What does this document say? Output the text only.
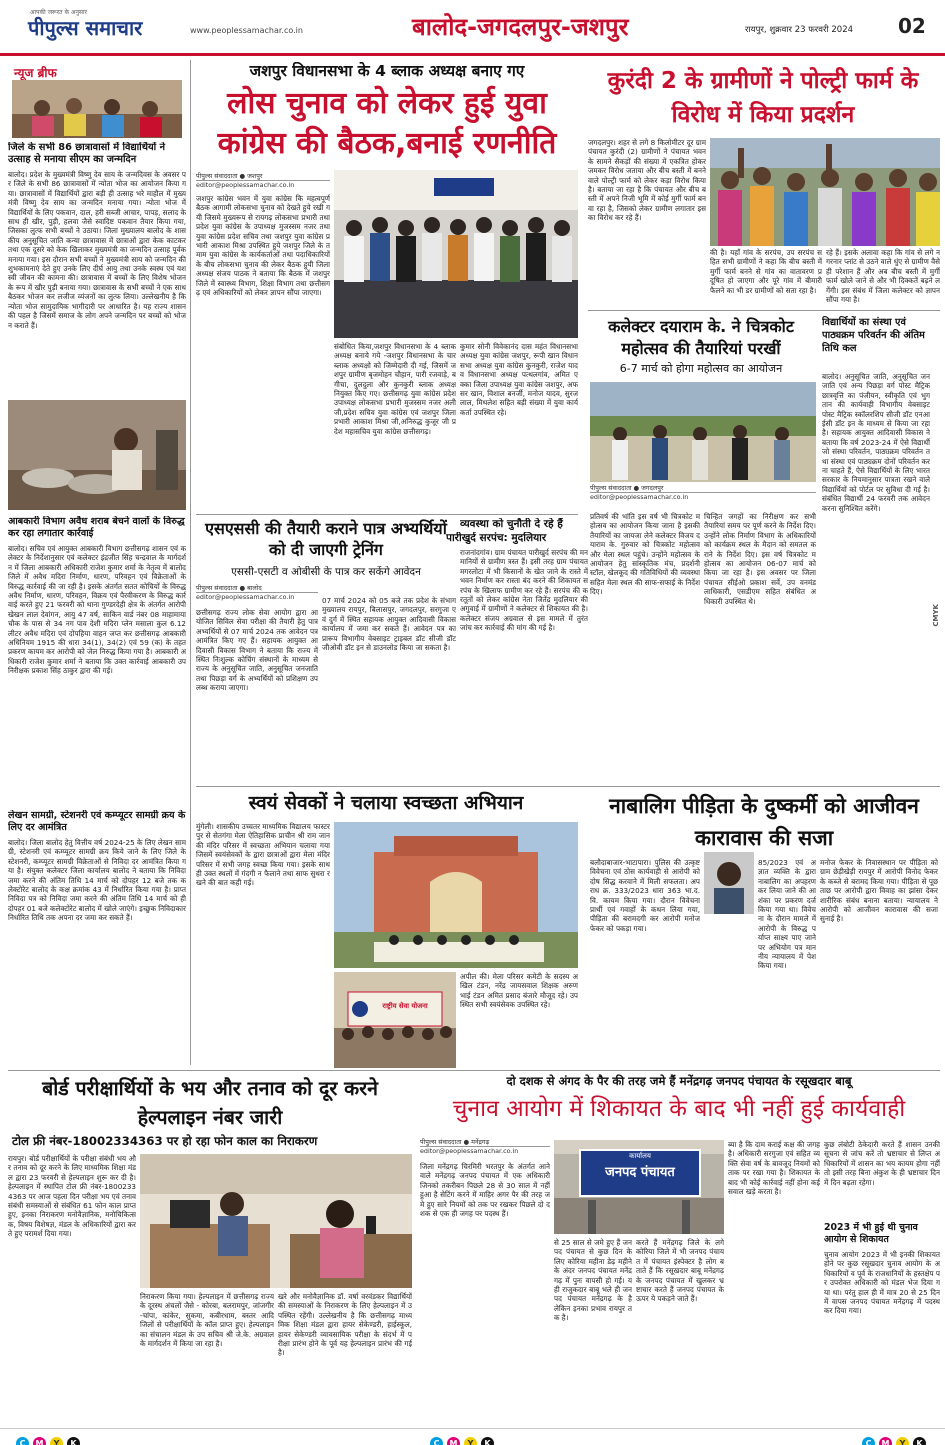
आपकी जरूरत के अनुसार
पीपुल्स समाचार	www.peoplessamachar.co.in	बालोद-जगदलपुर-जशपुर	रायपुर, शुक्रवार 23 फरवरी 2024 02
न्यूज ब्रीफ
जिले के सभी 86 छात्रावासों में विद्यार्थियों ने उत्साह से मनाया सीएम का जन्मदिन
बालोद। प्रदेश के मुख्यमंत्री विष्णु देव साय के जन्मदिवस के अवसर पर जिले के सभी 86 छात्रावासों में न्योता भोज का आयोजन किया गया। छात्रावासों में विद्यार्थियों द्वारा बड़ी ही उत्साह भरे माहौल में मुख्यमंत्री विष्णु देव साय का जन्मदिन मनाया गया। न्योता भोज में विद्यार्थियों के लिए पकवान, दाल, हरी सब्जी आचार, पापड़, सलाद के साथ ही खीर, पुड़ी, हलवा जैसे स्वादिष्ट पकवान तैयार किया गया, जिसका लुत्फ सभी बच्चों ने उठाया। जिला मुख्यालय बालोद के शासकीय अनुसूचित जाति कन्या छात्रावास में छात्राओं द्वारा केक काटकर तथा एक दूसरे को केक खिलाकर मुख्यमंत्री का जन्मदिन उत्साह पूर्वक मनाया गया। इस दौरान सभी बच्चों ने मुख्यमंत्री साय को जन्मदिन की शुभकामनाएं देते हुए उनके लिए दीर्घ आयु तथा उनके स्वस्थ एवं यशस्वी जीवन की कामना की। छात्रावास में बच्चों के लिए विशेष भोजन के रूप में खीर पुड़ी बनाया गया। छात्रावास के सभी बच्चों ने एक साथ बैठकर भोजन कर लजीज व्यंजनों का लुत्फ लिया। उल्लेखनीय है कि न्योता भोज सामुदायिक भागीदारी पर आधारित है। यह राज्य शासन की पहल है जिसमें समाज के लोग अपने जन्मदिन पर बच्चों को भोजन कराते हैं।
आबकारी विभाग अवैध शराब बेचने वालों के विरुद्ध कर रहा लगातार कार्रवाई
बालोद। सचिव एवं आयुक्त आबकारी विभाग छत्तीसगढ़ शासन एवं कलेक्टर के निर्देशानुसार एवं कलेक्टर इंद्रजीत सिंह चन्द्रवाल के मार्गदर्शन में जिला आबकारी अधिकारी राजेश कुमार शर्मा के नेतृत्व में बालोद जिले में अवैध मदिरा निर्माण, धारण, परिवहन एवं विक्रेताओं के विरुद्ध कार्रवाई की जा रही है। इसके अंतर्गत सतत कोचियों के विरुद्ध अवैध निर्माण, धारण, परिवहन, विक्रय एवं पैरवीकरण के विरुद्ध कार्रवाई करते हुए 21 फरवरी को थाना गुण्डरदेही क्षेत्र के अंतर्गत आरोपी खेखन लाल देवांगन, आयु 47 वर्ष, साकिन वार्ड नंबर 08 माहामाया चौक के पास से 34 नग पाव देशी मदिरा प्लेन मसाला कुल 6.12 लीटर अवैध मदिरा एवं दोपहिया वाहन जप्त कर छत्तीसगढ़ आबकारी अधिनियम 1915 की धारा 34(1), 34(2) एवं 59 (क) के तहत प्रकरण कायम कर आरोपी को जेल निरुद्ध किया गया है। आबकारी अधिकारी राजेश कुमार शर्मा ने बताया कि उक्त कार्रवाई आबकारी उपनिरीक्षक प्रकाश सिंह ठाकुर द्वारा की गई।
लेखन सामग्री, स्टेशनरी एवं कम्प्यूटर सामग्री क्रय के लिए दर आमंत्रित
बालोद। जिला बालोद हेतु वित्तीय वर्ष 2024-25 के लिए लेखन सामग्री, स्टेशनरी एवं कम्प्यूटर सामग्री क्रय किये जाने के लिए जिले के स्टेशनरी, कम्प्यूटर सामग्री विक्रेताओं से निविदा दर आमंत्रित किया गया है। संयुक्त कलेक्टर जिला कार्यालय बालोद ने बताया कि निविदा जमा करने की अंतिम तिथि 14 मार्च को दोपहर 12 बजे तक कलेक्टोरेट बालोद के कक्ष क्रमांक 43 में निर्धारित किया गया है। प्राप्त निविदा पत्र को निविदा जमा करने की अंतिम तिथि 14 मार्च को ही दोपहर 01 बजे कलेक्टोरेट बालोद में खोले जाएंगे। इच्छुक निविदाकार निर्धारित तिथि तक अपना दर जमा कर सकते हैं।
जशपुर विधानसभा के 4 ब्लाक अध्यक्ष बनाए गए
लोस चुनाव को लेकर हुई युवा कांग्रेस की बैठक,बनाई रणनीति
पीपुल्स संवाददाता ● जशपुर
editor@peoplessamachar.co.in
जशपुर कांग्रेस भवन में युवा कांग्रेस कि महत्वपूर्ण बैठक आगामी लोकसभा चुनाव को देखते हुये रखी गयी जिसमे मुख्यरूप से रायगढ़ लोकसभा प्रभारी तथा प्रदेश युवा कांग्रेस के उपाध्यक्ष मुजस्सम नजर तथा युवा कांग्रेस प्रदेश सचिव तथा जशपुर युवा कांग्रेस प्रभारी आकाश मिश्रा उपस्थित हुये जशपुर जिले के तमाम युवा कांग्रेस के कार्यकर्ताओं तथा पदाधिकारियों के बीच लोकसभा चुनाव की लेकर बैठक हुयी जिला अध्यक्ष संजय पाठक ने बताया कि बैठक में जशपुर जिले में स्वास्थ्य विभाग, शिक्षा विभाग तथा छत्तीसगढ़ एवं अधिकारियों को लेकर ज्ञापन सौंपा जाएगा।
संबोधित किया,जशपुर विधानसभा के 4 ब्लाक अध्यक्ष बनाये गये -जशपुर विधानसभा के चार ब्लाक अध्यक्षो को जिम्मेदारी दी गई, जिसमें जशपुर ग्रामीण बृजमोहन चौहान, पारी रजवाड़े, बगीचा, दुलदुला और कुनकुरी ब्लाक अध्यक्ष नियुक्त किए गए। छत्तीसगढ़ युवा कांग्रेस प्रदेश उपाध्यक्ष लोकसभा प्रभारी मुजस्सम नजर अली जी,प्रदेश सचिव युवा कांग्रेस एवं जशपुर जिला प्रभारी आकाश मिश्रा जी,अनिरुद्ध कुजूर जी प्रदेश महासचिव युवा कांग्रेस छत्तीसगढ़।
कुमार सोनी विवेकानंद दास महंत विधानसभा अध्यक्ष युवा कांग्रेस जशपुर, रूपी खान विधानसभा अध्यक्ष युवा कांग्रेस कुनकुरी, राजेश यादव विधानसभा अध्यक्ष पत्थलगांव, अमित एक्का जिला उपाध्यक्ष युवा कांग्रेस जशपुर, अफसर खान, विशाल बनर्जी, मनोज यादव, सुरजलाल, मिथलेश सहित बड़ी संख्या में युवा कार्यकर्ता उपस्थित रहे।
एसएससी की तैयारी कराने पात्र अभ्यर्थियों को दी जाएगी ट्रेनिंग
एससी-एसटी व ओबीसी के पात्र कर सकेंगे आवेदन
पीपुल्स संवाददाता ● बालोद
editor@peoplessamachar.co.in
छत्तीसगढ़ राज्य लोक सेवा आयोग द्वारा आयोजित सिविल सेवा परीक्षा की तैयारी हेतु पात्र अभ्यर्थियों से 07 मार्च 2024 तक आवेदन पत्र आमंत्रित किए गए हैं। सहायक आयुक्त आदिवासी विकास विभाग ने बताया कि राज्य में स्थित निःशुल्क कोचिंग संस्थानों के माध्यम से राज्य के अनुसूचित जाति, अनुसूचित जनजाति तथा पिछड़ा वर्ग के अभ्यर्थियों को प्रशिक्षण उपलब्ध कराया जाएगा।
07 मार्च 2024 को 05 बजे तक प्रदेश के संभाग मुख्यालय रायपुर, बिलासपुर, जगदलपुर, सरगुजा एवं दुर्ग में स्थित सहायक आयुक्त आदिवासी विकास कार्यालय में जमा कर सकते हैं। आवेदन पत्र का प्रारूप विभागीय वेबसाइट ट्राइबल डॉट सीजी डॉट जीओवी डॉट इन से डाउनलोड किया जा सकता है।
व्यवस्था को चुनौती दे रहे हैं
पारीखुर्द सरपंच: मुदलियार
राजनांदगांव। ग्राम पंचायत पारीखुर्द सरपंच की मनमानियों से ग्रामीण त्रस्त हैं। इसी तरह ग्राम पंचायत मगरलोटा में भी किसानों के खेत जाने के रास्ते में भवन निर्माण कर रास्ता बंद करने की शिकायत सरपंच के खिलाफ ग्रामीण कर रहे हैं। सरपंच की करतूतों को लेकर कांग्रेस नेता जितेंद्र मुदलियार की अगुवाई में ग्रामीणों ने कलेक्टर से शिकायत की है। कलेक्टर संजय अग्रवाल से इस मामले में तुरंत जांच कर कार्रवाई की मांग की गई है।
कुरंदी 2 के ग्रामीणों ने पोल्ट्री फार्म के विरोध में किया प्रदर्शन
जगदलपुर। शहर से लगे 8 किलोमीटर दूर ग्राम पंचायत कुरंदी (2) ग्रामीणों ने पंचायत भवन के सामने सैकड़ों की संख्या में एकत्रित होकर जमकर विरोध जताया और बीच बस्ती में बनने वाले पोल्ट्री फार्म को लेकर कड़ा विरोध किया है। बताया जा रहा है कि पंचायत और बीच बस्ती में अपने निजी भूमि में कोई मुर्गी फार्म बनवा रहा है, जिसको लेकर ग्रामीण लगातार इसका विरोध कर रहे हैं।
की है। यहाँ गांव के सरपंच, उप सरपंच सहित सभी ग्रामीणों ने कहा कि बीच बस्ती में मुर्गी फार्म बनने से गांव का वातावरण प्रदूषित हो जाएगा और पूरे गांव में बीमारी फैलने का भी डर ग्रामीणों को सता रहा है।
रहे हैं। इसके अलावा कहा कि गांव से लगे नगरनार प्लांट से उठने वाले धुंए से ग्रामीण वैसे ही परेशान हैं और अब बीच बस्ती में मुर्गी फार्म खोले जाने से और भी दिक्कतें बढ़ने लगेंगी। इस संबंध में जिला कलेक्टर को ज्ञापन सौंपा गया है।
कलेक्टर दयाराम के. ने चित्रकोट महोत्सव की तैयारियां परखीं
6-7 मार्च को होगा महोत्सव का आयोजन
पीपुल्स संवाददाता ● जगदलपुर
editor@peoplessamachar.co.in
प्रतिवर्ष की भांति इस वर्ष भी चित्रकोट महोत्सव का आयोजन किया जाना है इसकी तैयारियों का जायजा लेने कलेक्टर विजय दयाराम के. गुरुवार को चित्रकोट महोत्सव और मेला स्थल पहुंचे। उन्होंने महोत्सव के आयोजन हेतु सांस्कृतिक मंच, प्रदर्शनी स्टॉल, खेलकूद की गतिविधियों की व्यवस्था सहित मेला स्थल की साफ-सफाई के निर्देश दिए।
चिन्हित जगहों का निरीक्षण कर सभी तैयारियां समय पर पूर्ण करने के निर्देश दिए। उन्होंने लोक निर्माण विभाग के अधिकारियों को कार्यक्रम स्थल के मैदान को समतल कराने के निर्देश दिए। इस वर्ष चित्रकोट महोत्सव का आयोजन 06-07 मार्च को किया जा रहा है। इस अवसर पर जिला पंचायत सीईओ प्रकाश सर्वे, उप वनमंडलाधिकारी, एसडीएम सहित संबंधित अधिकारी उपस्थित थे।
विद्यार्थियों का संस्था एवं पाठ्यक्रम परिवर्तन की अंतिम तिथि कल
बालोद। अनुसूचित जाति, अनुसूचित जनजाति एवं अन्य पिछड़ा वर्ग पोस्ट मैट्रिक छात्रवृत्ति का पंजीयन, स्वीकृति एवं भुगतान की कार्यवाही विभागीय वेबसाइट पोस्ट मैट्रिक स्कॉलरशिप सीजी डॉट एनआईसी डॉट इन के माध्यम से किया जा रहा है। सहायक आयुक्त आदिवासी विकास ने बताया कि वर्ष 2023-24 में ऐसे विद्यार्थी जो संस्था परिवर्तन, पाठ्यक्रम परिवर्तन तथा संस्था एवं पाठ्यक्रम दोनों परिवर्तन करना चाहते हैं, ऐसे विद्यार्थियों के लिए भारत सरकार के नियमानुसार पात्रता रखने वाले विद्यार्थियों को पोर्टल पर सुविधा दी गई है। संबंधित विद्यार्थी 24 फरवरी तक आवेदन करना सुनिश्चित करेंगे।
CMYK
स्वयं सेवकों ने चलाया स्वच्छता अभियान
मुंगेली। शासकीय उच्चतर माध्यमिक विद्यालय फास्टरपुर से सेतगंगा मेला ऐतिहासिक प्राचीन श्री राम जानकी मंदिर परिसर में स्वच्छता अभियान चलाया गया जिसमें स्वयंसेवकों के द्वारा छात्राओं द्वारा मेला मंदिर परिसर में सभी जगह स्वच्छ किया गया। इसके साथ ही उक्त स्थलों में गंदगी न फैलाने तथा साफ सुथरा रखने की बात कही गई।
राष्ट्रीय सेवा योजना
अपील की। मेला परिसर कमेटी के सदस्य अखिल टंडन, नरेंद्र जायसवाल शिक्षक अरुण भाई टंडन अमित प्रसाद बंजारे मौजूद रहे। उपस्थित सभी स्वयंसेवक उपस्थित रहे।
नाबालिग पीड़िता के दुष्कर्मी को आजीवन कारावास की सजा
बलौदाबाजार-भाटापारा। पुलिस की उत्कृष्ट विवेचना एवं ठोस कार्यवाही से आरोपी को दोष सिद्ध करवाने में मिली सफलता। अपराध क्र. 333/2023 धारा 363 भा.द.वि. कायम किया गया। दौरान विवेचना प्रार्थी एवं गवाहों के कथन लिया गया, पीड़िता की बरामदगी कर आरोपी मनोज फेकर को पकड़ा गया।
85/2023 एवं अज्ञात व्यक्ति के द्वारा नाबालिग का अपहरण कर लिया जाने की आशंका पर प्रकरण दर्ज किया गया था। विवेचना के दौरान मामले में आरोपी के विरुद्ध पर्याप्त साक्ष्य पाए जाने पर अभियोग पत्र माननीय न्यायालय में पेश किया गया।
मनोज फेकर के निवासस्थान पर पीड़िता को ग्राम छेड़ीखेड़ी रायपुर में आरोपी विनोद फेकर के कब्जे से बरामद किया गया। पीड़िता से पूछताछ पर आरोपी द्वारा विवाह का झांसा देकर शारीरिक संबंध बनाना बताया। न्यायालय ने आरोपी को आजीवन कारावास की सजा सुनाई है।
बोर्ड परीक्षार्थियों के भय और तनाव को दूर करने हेल्पलाइन नंबर जारी
टोल फ्री नंबर-18002334363 पर हो रहा फोन काल का निराकरण
रायपुर। बोर्ड परीक्षार्थियों के परीक्षा संबंधी भय और तनाव को दूर करने के लिए माध्यमिक शिक्षा मंडल द्वारा 23 फरवरी से हेल्पलाइन शुरू कर दी है। हेल्पलाइन में स्थापित टोल फ्री नंबर-18002334363 पर आज पहला दिन परीक्षा भय एवं तनाव संबंधी समस्याओं से संबंधित 61 फोन काल प्राप्त हुए, इनका निराकरण मनोवैज्ञानिक, मनोचिकित्सक, विषय विशेषज्ञ, मंडल के अधिकारियों द्वारा करते हुए परामर्श दिया गया।
निराकरण किया गया। हेल्पलाइन में छत्तीसगढ़ राज्य के दूरस्थ अंचलों जैसे - कोरबा, बलरामपुर, जांजगीर-चांपा, कांकेर, सुकमा, कबीरधाम, बस्तर आदि जिलों से परीक्षार्थियों के कॉल प्राप्त हुए। हेल्पलाइन का संचालन मंडल के उप सचिव श्री जे.के. अग्रवाल के मार्गदर्शन में किया जा रहा है।
खरे और मनोवैज्ञानिक डॉ. वर्षा वरवंडकर विद्यार्थियों की समस्याओं के निराकरण के लिए हेल्पलाइन में उपस्थित रहेंगी। उल्लेखनीय है कि छत्तीसगढ़ माध्यमिक शिक्षा मंडल द्वारा हायर सेकेण्डरी, हाईस्कूल, हायर सेकेण्डरी व्यावसायिक परीक्षा के संदर्भ में परीक्षा प्रारंभ होने के पूर्व यह हेल्पलाइन प्रारंभ की गई है।
दो दशक से अंगद के पैर की तरह जमे हैं मनेंद्रगढ़ जनपद पंचायत के रसूखदार बाबू
चुनाव आयोग में शिकायत के बाद भी नहीं हुई कार्यवाही
पीपुल्स संवाददाता ● मनेंद्रगढ़
editor@peoplessamachar.co.in
जिला मनेंद्रगढ़ चिरमिरी भरतपुर के अंतर्गत आने वाले मनेंद्रगढ़ जनपद पंचायत में एक अधिकारी जिनको तकरीबन पिछले 28 से 30 साल में नहीं हुआ है सेटिंग करने में माहिर अगर पैर की तरह जमे हुए सारे नियमों को तक पर रखकर पिछले दो दशक से एक ही जगह पर पदस्थ हैं।
कार्यालय
जनपद पंचायत
से 25 साल से जमे हुए हैं जनपद पंचायत से कुछ दिन के लिए कोरिया महीना डेढ़ महीने के अंदर जनपद पंचायत मनेंद्रगढ़ में पुनः वापसी हो गई। यही राजुकदार बाबू भले ही जनपद पंचायत मनेंद्रगढ़ के है लेकिन इनका प्रभाव रायपुर तक है।
करते हैं मनेंद्रगढ़ जिले के लगे कोरिया जिले में भी जनपद पंचायत में पंचायत इंस्पेक्टर है लोग बताते हैं कि रसूखदार बाबू मनेंद्रगढ़ के जनपद पंचायत में खुलकर भ्रष्टाचार करते हैं जनपद पंचायत के ऊपर ये पकड़ने जाते हैं।
ब्या है कि दाम कराई कक्ष की जगह है। अधिकारी सरगुजा एवं सहित व्यक्ति सेवा वर्ष के बावजूद नियमों को ताक पर रखा गया है। शिकायत के बाद भी कोई कार्रवाई नहीं होना कई सवाल खड़े करता है।
कुछ लंबोटी ठेकेदारी करते हैं शासन उनकी सूचना से जांच करें तो भ्रष्टाचार से लिप्त अधिकारियों में शासन का भय कायम होगा नहीं तो इसी तरह बिना अंकुश के ही भ्रष्टाचार दिन में दिन बढ़ता रहेगा।
2023 में भी हुई थी चुनाव आयोग से शिकायत
चुनाव आयोग 2023 में भी इनकी शिकायत होने पर कुछ रसूखदार चुनाव आयोग के अधिकारियों व पूर्व के राजधानियों के हस्तक्षेप पर उपरोक्त अधिकारी को मंडल भेज दिया गया था। परंतु हाल ही में मात्र 20 से 25 दिन में वापस जनपद पंचायत मनेंद्रगढ़ में पदस्थ कर दिया गया।
C M Y K	C M Y K	C M Y K
